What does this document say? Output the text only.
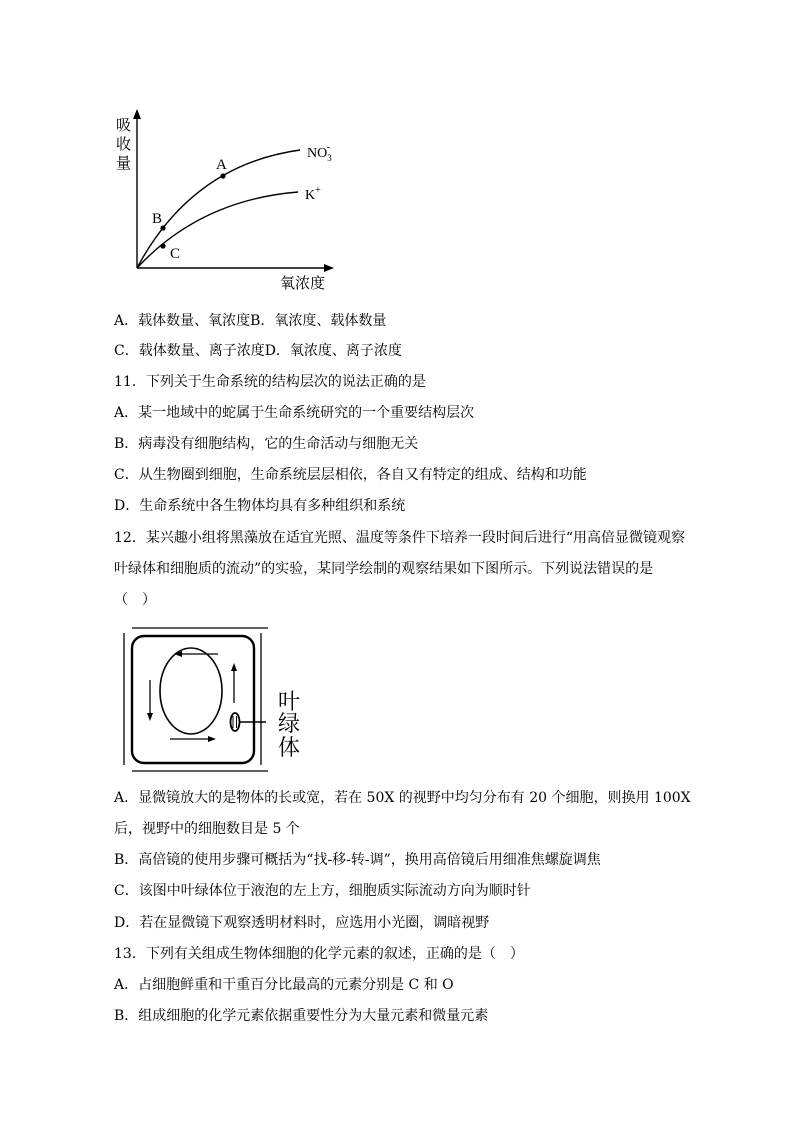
吸
收
量
氧浓度
A
B
C
$NO_3-$
K+
A．载体数量、氧浓度B．氧浓度、载体数量
C．载体数量、离子浓度D．氧浓度、离子浓度
11．下列关于生命系统的结构层次的说法正确的是
A．某一地域中的蛇属于生命系统研究的一个重要结构层次
B．病毒没有细胞结构，它的生命活动与细胞无关
C．从生物圈到细胞，生命系统层层相依，各自又有特定的组成、结构和功能
D．生命系统中各生物体均具有多种组织和系统
12．某兴趣小组将黑藻放在适宜光照、温度等条件下培养一段时间后进行“用高倍显微镜观察
叶绿体和细胞质的流动”的实验，某同学绘制的观察结果如下图所示。下列说法错误的是
（　）
叶
绿
体
A．显微镜放大的是物体的长或宽，若在 50X 的视野中均匀分布有 20 个细胞，则换用 100X
后，视野中的细胞数目是 5 个
B．高倍镜的使用步骤可概括为“找-移-转-调”，换用高倍镜后用细准焦螺旋调焦
C．该图中叶绿体位于液泡的左上方，细胞质实际流动方向为顺时针
D．若在显微镜下观察透明材料时，应选用小光圈，调暗视野
13．下列有关组成生物体细胞的化学元素的叙述，正确的是（　）
A．占细胞鲜重和干重百分比最高的元素分别是 C 和 O
B．组成细胞的化学元素依据重要性分为大量元素和微量元素
